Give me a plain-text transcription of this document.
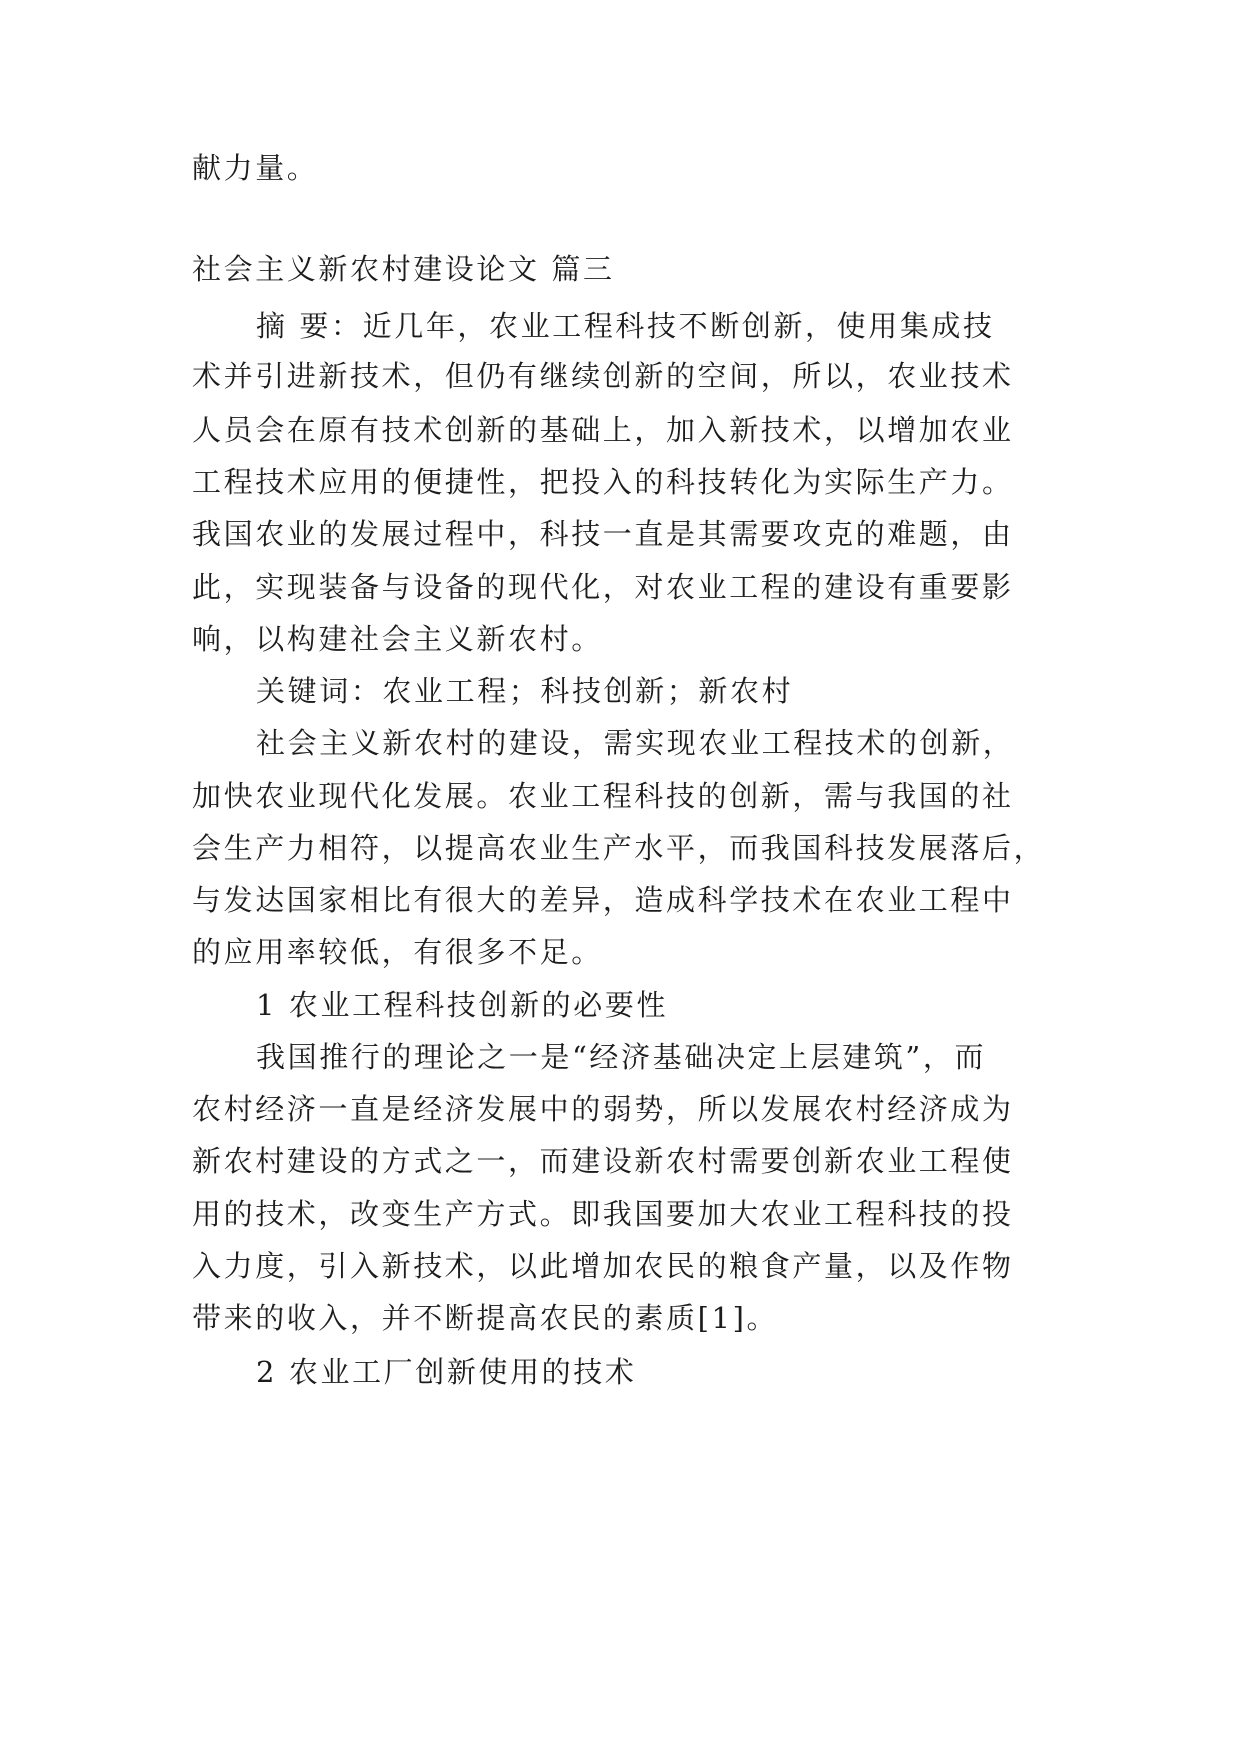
献力量。

社会主义新农村建设论文 篇三

摘 要：近几年，农业工程科技不断创新，使用集成技

术并引进新技术，但仍有继续创新的空间，所以，农业技术

人员会在原有技术创新的基础上，加入新技术，以增加农业

工程技术应用的便捷性，把投入的科技转化为实际生产力。

我国农业的发展过程中，科技一直是其需要攻克的难题，由

此，实现装备与设备的现代化，对农业工程的建设有重要影

响，以构建社会主义新农村。

关键词：农业工程；科技创新；新农村

社会主义新农村的建设，需实现农业工程技术的创新，

加快农业现代化发展。农业工程科技的创新，需与我国的社

会生产力相符，以提高农业生产水平，而我国科技发展落后，

与发达国家相比有很大的差异，造成科学技术在农业工程中

的应用率较低，有很多不足。

1 农业工程科技创新的必要性

我国推行的理论之一是“经济基础决定上层建筑”，而

农村经济一直是经济发展中的弱势，所以发展农村经济成为

新农村建设的方式之一，而建设新农村需要创新农业工程使

用的技术，改变生产方式。即我国要加大农业工程科技的投

入力度，引入新技术，以此增加农民的粮食产量，以及作物

带来的收入，并不断提高农民的素质[1]。

2 农业工厂创新使用的技术
